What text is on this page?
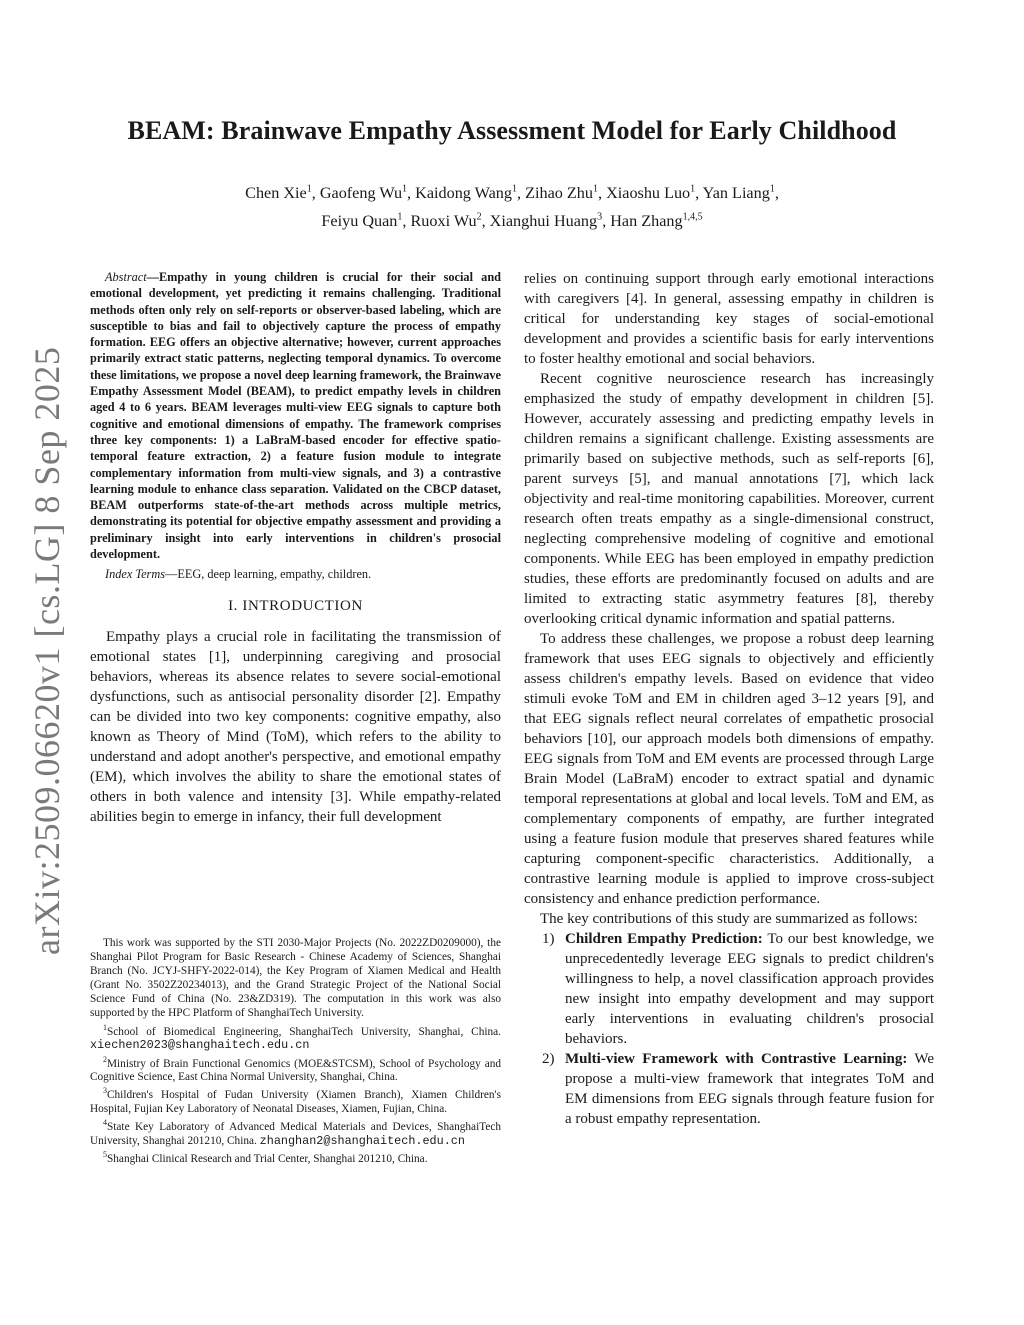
arXiv:2509.06620v1 [cs.LG] 8 Sep 2025
BEAM: Brainwave Empathy Assessment Model for Early Childhood
Chen Xie$^1$, Gaofeng Wu$^1$, Kaidong Wang$^1$, Zihao Zhu$^1$, Xiaoshu Luo$^1$, Yan Liang$^1$,
Feiyu Quan$^1$, Ruoxi Wu$^2$, Xianghui Huang$^3$, Han Zhang$^{1,4,5}$

Abstract—Empathy in young children is crucial for their social and emotional development, yet predicting it remains challenging. Traditional methods often only rely on self-reports or observer-based labeling, which are susceptible to bias and fail to objectively capture the process of empathy formation. EEG offers an objective alternative; however, current approaches primarily extract static patterns, neglecting temporal dynamics. To overcome these limitations, we propose a novel deep learning framework, the Brainwave Empathy Assessment Model (BEAM), to predict empathy levels in children aged 4 to 6 years. BEAM leverages multi-view EEG signals to capture both cognitive and emotional dimensions of empathy. The framework comprises three key components: 1) a LaBraM-based encoder for effective spatio-temporal feature extraction, 2) a feature fusion module to integrate complementary information from multi-view signals, and 3) a contrastive learning module to enhance class separation. Validated on the CBCP dataset, BEAM outperforms state-of-the-art methods across multiple metrics, demonstrating its potential for objective empathy assessment and providing a preliminary insight into early interventions in children's prosocial development.

Index Terms—EEG, deep learning, empathy, children.

I. INTRODUCTION

Empathy plays a crucial role in facilitating the transmission of emotional states [1], underpinning caregiving and prosocial behaviors, whereas its absence relates to severe social-emotional dysfunctions, such as antisocial personality disorder [2]. Empathy can be divided into two key components: cognitive empathy, also known as Theory of Mind (ToM), which refers to the ability to understand and adopt another's perspective, and emotional empathy (EM), which involves the ability to share the emotional states of others in both valence and intensity [3]. While empathy-related abilities begin to emerge in infancy, their full development

This work was supported by the STI 2030-Major Projects (No. 2022ZD0209000), the Shanghai Pilot Program for Basic Research - Chinese Academy of Sciences, Shanghai Branch (No. JCYJ-SHFY-2022-014), the Key Program of Xiamen Medical and Health (Grant No. 3502Z20234013), and the Grand Strategic Project of the National Social Science Fund of China (No. 23&ZD319). The computation in this work was also supported by the HPC Platform of ShanghaiTech University.

$^1$School of Biomedical Engineering, ShanghaiTech University, Shanghai, China. xiechen2023@shanghaitech.edu.cn

$^2$Ministry of Brain Functional Genomics (MOE&STCSM), School of Psychology and Cognitive Science, East China Normal University, Shanghai, China.

$^3$Children's Hospital of Fudan University (Xiamen Branch), Xiamen Children's Hospital, Fujian Key Laboratory of Neonatal Diseases, Xiamen, Fujian, China.

$^4$State Key Laboratory of Advanced Medical Materials and Devices, ShanghaiTech University, Shanghai 201210, China. zhanghan2@shanghaitech.edu.cn

$^5$Shanghai Clinical Research and Trial Center, Shanghai 201210, China.

relies on continuing support through early emotional interactions with caregivers [4]. In general, assessing empathy in children is critical for understanding key stages of social-emotional development and provides a scientific basis for early interventions to foster healthy emotional and social behaviors.

Recent cognitive neuroscience research has increasingly emphasized the study of empathy development in children [5]. However, accurately assessing and predicting empathy levels in children remains a significant challenge. Existing assessments are primarily based on subjective methods, such as self-reports [6], parent surveys [5], and manual annotations [7], which lack objectivity and real-time monitoring capabilities. Moreover, current research often treats empathy as a single-dimensional construct, neglecting comprehensive modeling of cognitive and emotional components. While EEG has been employed in empathy prediction studies, these efforts are predominantly focused on adults and are limited to extracting static asymmetry features [8], thereby overlooking critical dynamic information and spatial patterns.

To address these challenges, we propose a robust deep learning framework that uses EEG signals to objectively and efficiently assess children's empathy levels. Based on evidence that video stimuli evoke ToM and EM in children aged 3–12 years [9], and that EEG signals reflect neural correlates of empathetic prosocial behaviors [10], our approach models both dimensions of empathy. EEG signals from ToM and EM events are processed through Large Brain Model (LaBraM) encoder to extract spatial and dynamic temporal representations at global and local levels. ToM and EM, as complementary components of empathy, are further integrated using a feature fusion module that preserves shared features while capturing component-specific characteristics. Additionally, a contrastive learning module is applied to improve cross-subject consistency and enhance prediction performance.

The key contributions of this study are summarized as follows:

1) Children Empathy Prediction: To our best knowledge, we unprecedentedly leverage EEG signals to predict children's willingness to help, a novel classification approach provides new insight into empathy development and may support early interventions in evaluating children's prosocial behaviors.
2) Multi-view Framework with Contrastive Learning: We propose a multi-view framework that integrates ToM and EM dimensions from EEG signals through feature fusion for a robust empathy representation.
